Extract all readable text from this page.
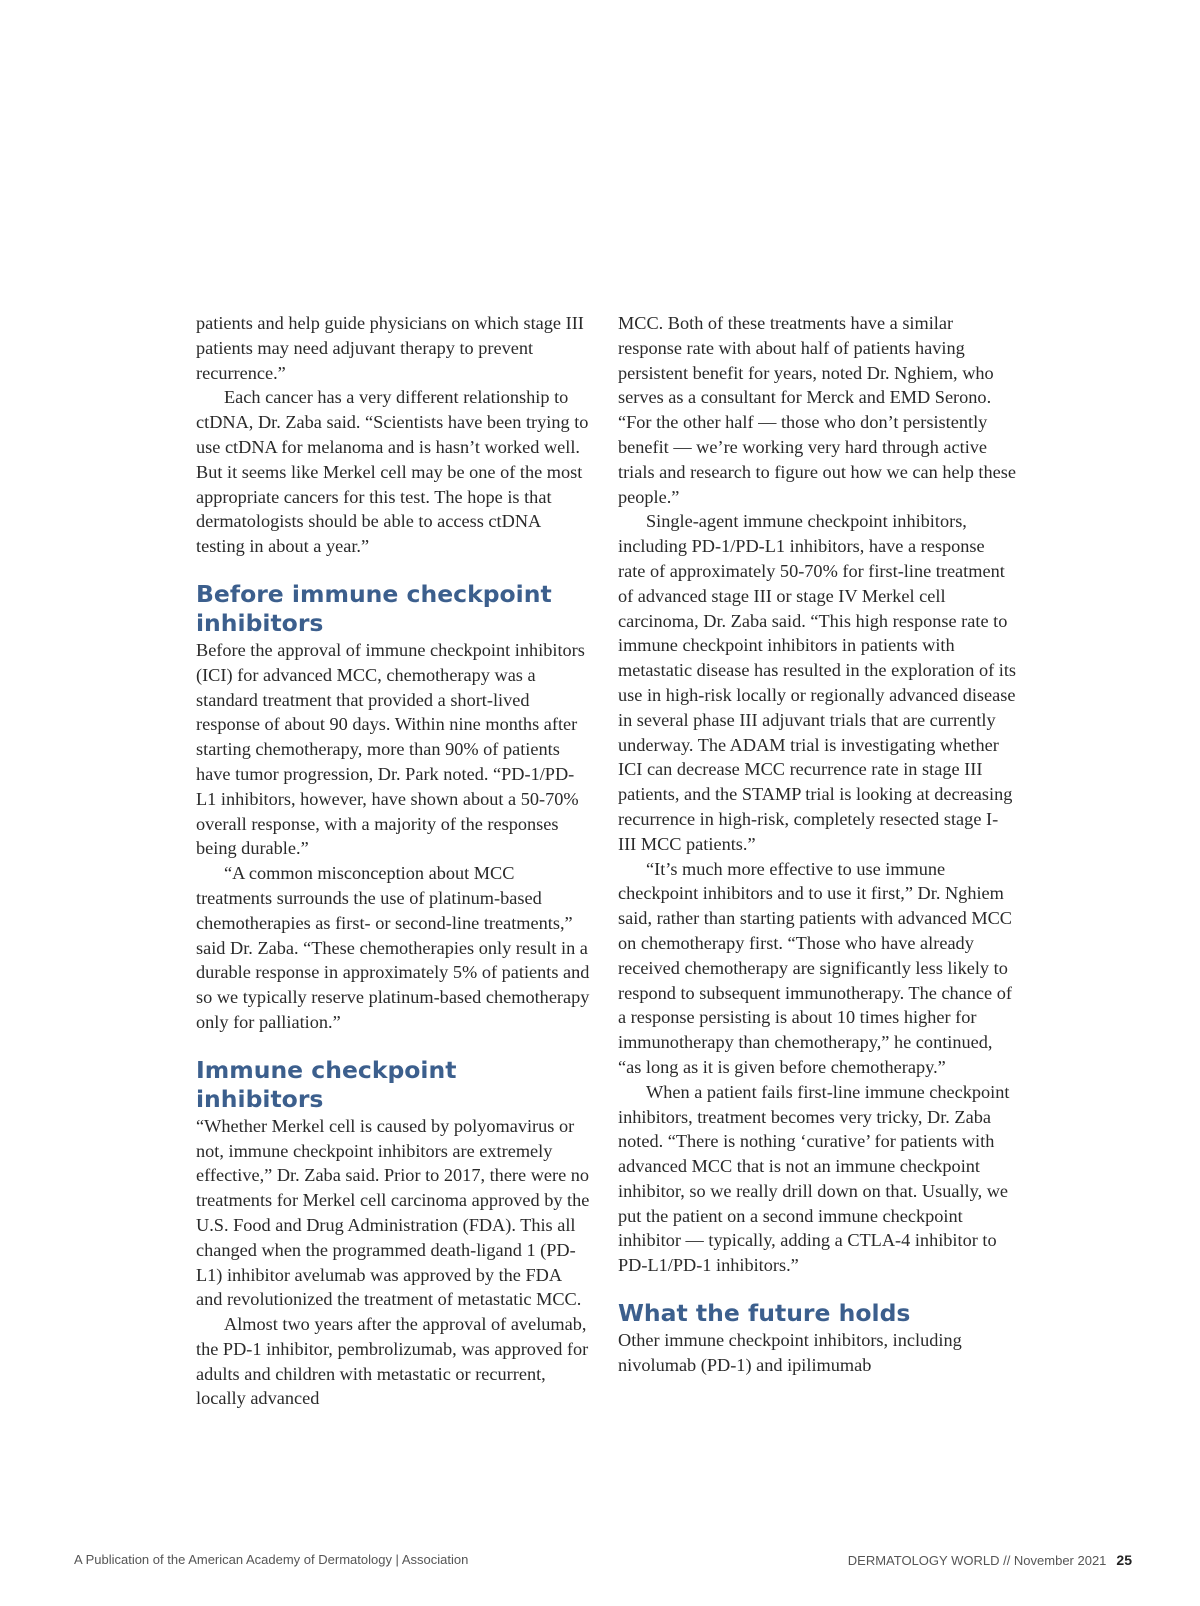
patients and help guide physicians on which stage III patients may need adjuvant therapy to prevent recurrence.”

Each cancer has a very different relationship to ctDNA, Dr. Zaba said. “Scientists have been trying to use ctDNA for melanoma and is hasn’t worked well. But it seems like Merkel cell may be one of the most appropriate cancers for this test. The hope is that dermatologists should be able to access ctDNA testing in about a year.”

Before immune checkpoint inhibitors

Before the approval of immune checkpoint inhibitors (ICI) for advanced MCC, chemotherapy was a standard treatment that provided a short-lived response of about 90 days. Within nine months after starting chemotherapy, more than 90% of patients have tumor progression, Dr. Park noted. “PD-1/PD-L1 inhibitors, however, have shown about a 50-70% overall response, with a majority of the responses being durable.”

“A common misconception about MCC treatments surrounds the use of platinum-based chemotherapies as first- or second-line treatments,” said Dr. Zaba. “These chemotherapies only result in a durable response in approximately 5% of patients and so we typically reserve platinum-based chemotherapy only for palliation.”

Immune checkpoint inhibitors

“Whether Merkel cell is caused by polyomavirus or not, immune checkpoint inhibitors are extremely effective,” Dr. Zaba said. Prior to 2017, there were no treatments for Merkel cell carcinoma approved by the U.S. Food and Drug Administration (FDA). This all changed when the programmed death-ligand 1 (PD-L1) inhibitor avelumab was approved by the FDA and revolutionized the treatment of metastatic MCC.

Almost two years after the approval of avelumab, the PD-1 inhibitor, pembrolizumab, was approved for adults and children with metastatic or recurrent, locally advanced

MCC. Both of these treatments have a similar response rate with about half of patients having persistent benefit for years, noted Dr. Nghiem, who serves as a consultant for Merck and EMD Serono. “For the other half — those who don’t persistently benefit — we’re working very hard through active trials and research to figure out how we can help these people.”

Single-agent immune checkpoint inhibitors, including PD-1/PD-L1 inhibitors, have a response rate of approximately 50-70% for first-line treatment of advanced stage III or stage IV Merkel cell carcinoma, Dr. Zaba said. “This high response rate to immune checkpoint inhibitors in patients with metastatic disease has resulted in the exploration of its use in high-risk locally or regionally advanced disease in several phase III adjuvant trials that are currently underway. The ADAM trial is investigating whether ICI can decrease MCC recurrence rate in stage III patients, and the STAMP trial is looking at decreasing recurrence in high-risk, completely resected stage I-III MCC patients.”

“It’s much more effective to use immune checkpoint inhibitors and to use it first,” Dr. Nghiem said, rather than starting patients with advanced MCC on chemotherapy first. “Those who have already received chemotherapy are significantly less likely to respond to subsequent immunotherapy. The chance of a response persisting is about 10 times higher for immunotherapy than chemotherapy,” he continued, “as long as it is given before chemotherapy.”

When a patient fails first-line immune checkpoint inhibitors, treatment becomes very tricky, Dr. Zaba noted. “There is nothing ‘curative’ for patients with advanced MCC that is not an immune checkpoint inhibitor, so we really drill down on that. Usually, we put the patient on a second immune checkpoint inhibitor — typically, adding a CTLA-4 inhibitor to PD-L1/PD-1 inhibitors.”

What the future holds

Other immune checkpoint inhibitors, including nivolumab (PD-1) and ipilimumab

A Publication of the American Academy of Dermatology | Association	DERMATOLOGY WORLD // November 2021 25
